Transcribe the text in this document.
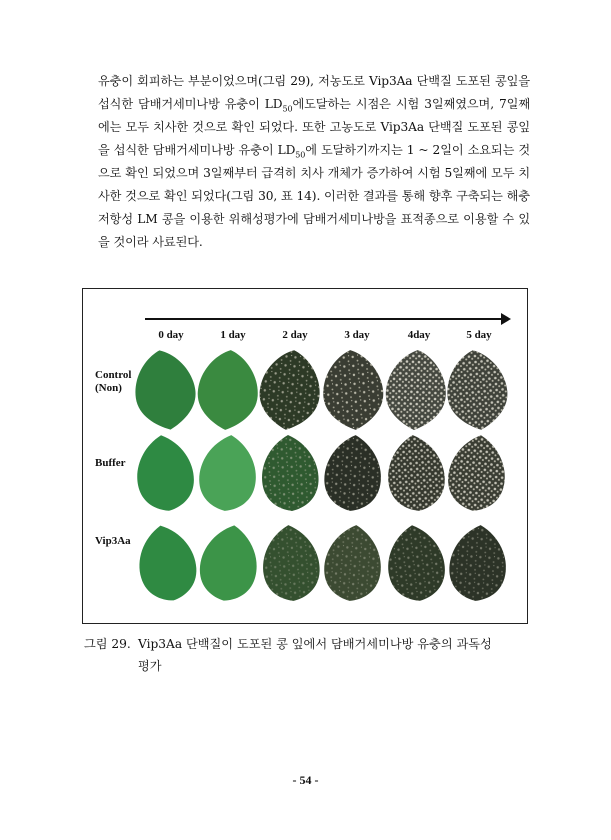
유충이 회피하는 부분이었으며(그림 29), 저농도로 Vip3Aa 단백질 도포된 콩잎을 섭식한 담배거세미나방 유충이 $LD_{50}$에도달하는 시점은 시험 3일째였으며, 7일째에는 모두 치사한 것으로 확인 되었다. 또한 고농도로 Vip3Aa 단백질 도포된 콩잎을 섭식한 담배거세미나방 유충이 $LD_{50}$에 도달하기까지는 1 ~ 2일이 소요되는 것으로 확인 되었으며 3일째부터 급격히 치사 개체가 증가하여 시험 5일째에 모두 치사한 것으로 확인 되었다(그림 30, 표 14). 이러한 결과를 통해 향후 구축되는 해충저항성 LM 콩을 이용한 위해성평가에 담배거세미나방을 표적종으로 이용할 수 있을 것이라 사료된다.

0 day	1 day	2 day	3 day	4day	5 day
Control
(Non)
Buffer
Vip3Aa

그림 29. Vip3Aa 단백질이 도포된 콩 잎에서 담배거세미나방 유충의 과독성
평가

- 54 -
